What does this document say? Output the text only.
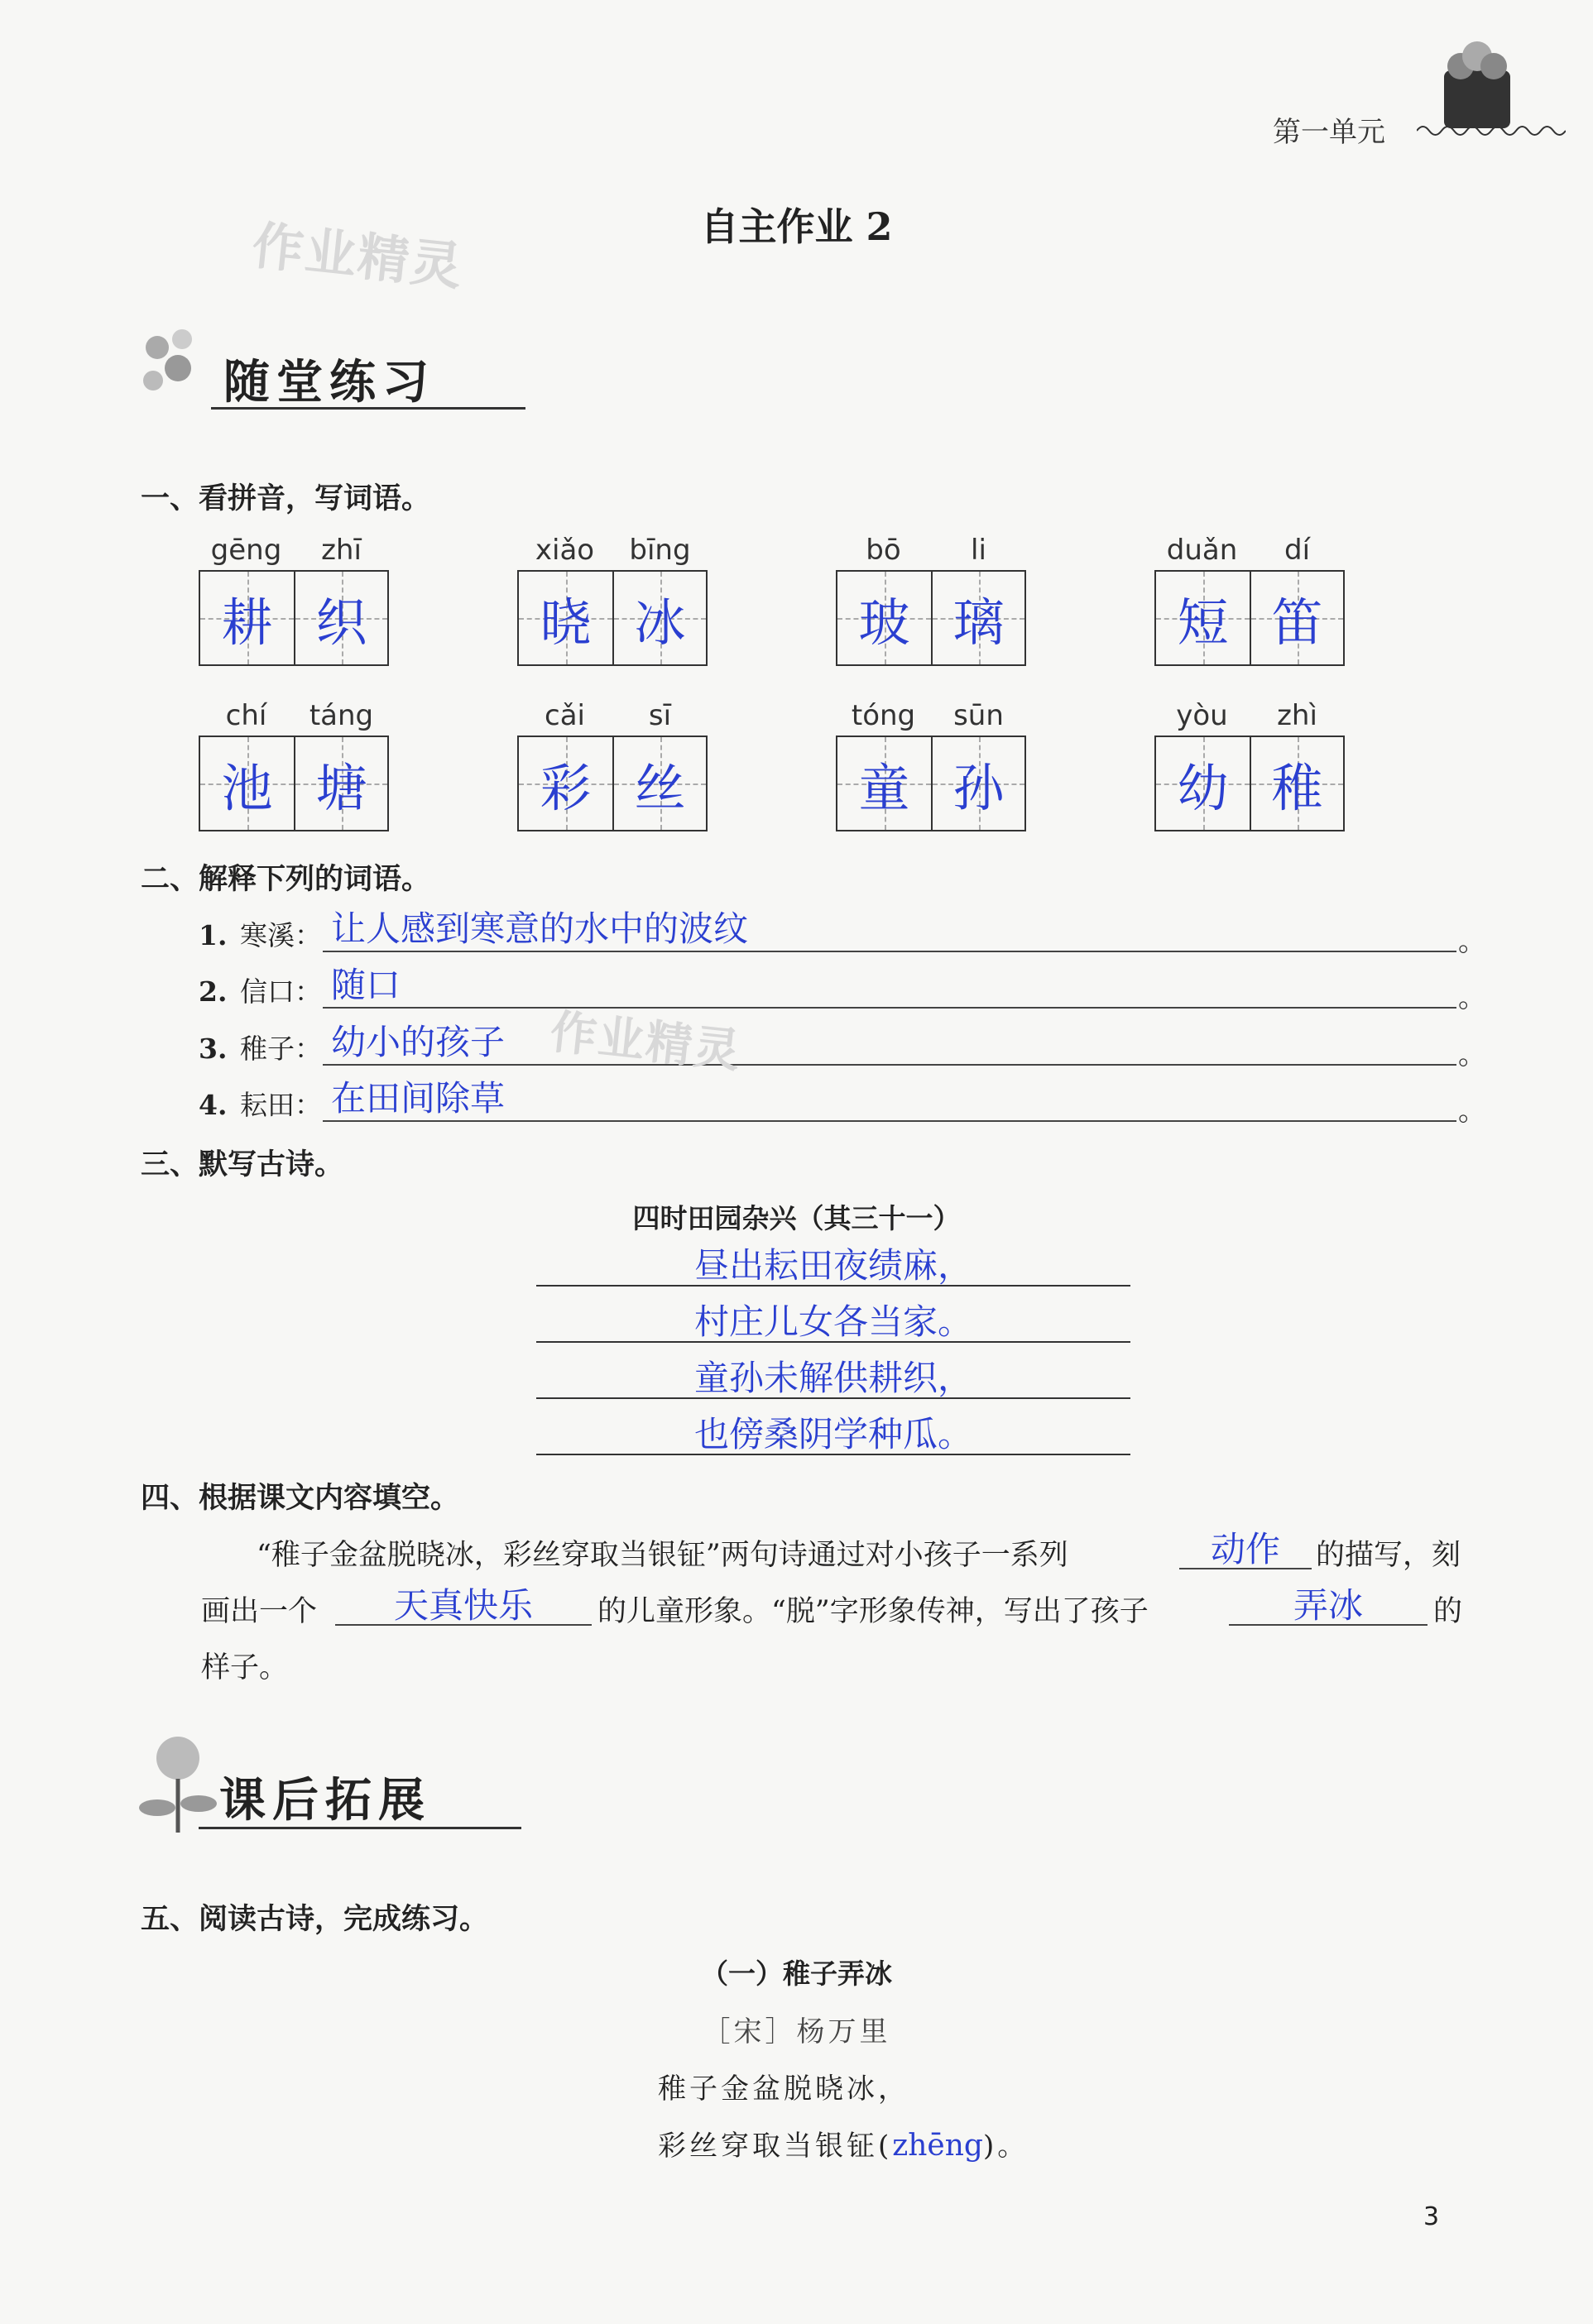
第一单元
自主作业 2
作业精灵
随堂练习
一、看拼音，写词语。
gēng	zhī
耕 织
xiǎo	bīng
晓 冰
bō	li
玻 璃
duǎn	dí
短 笛
chí	táng
池 塘
cǎi	sī
彩 丝
tóng	sūn
童 孙
yòu	zhì
幼 稚
二、解释下列的词语。
1. 寒溪： 让人感到寒意的水中的波纹	。
2. 信口： 随口	。
3. 稚子： 幼小的孩子	。
作业精灵
4. 耘田： 在田间除草	。
三、默写古诗。
四时田园杂兴（其三十一）
昼出耘田夜绩麻，
村庄儿女各当家。
童孙未解供耕织，
也傍桑阴学种瓜。
四、根据课文内容填空。
“稚子金盆脱晓冰，彩丝穿取当银钲”两句诗通过对小孩子一系列	动作	的描写，刻
画出一个	天真快乐	的儿童形象。“脱”字形象传神，写出了孩子	弄冰	的
样子。
课后拓展
五、阅读古诗，完成练习。
（一）稚子弄冰
［宋］杨万里
稚子金盆脱晓冰，
彩丝穿取当银钲(zhēng)。
3
